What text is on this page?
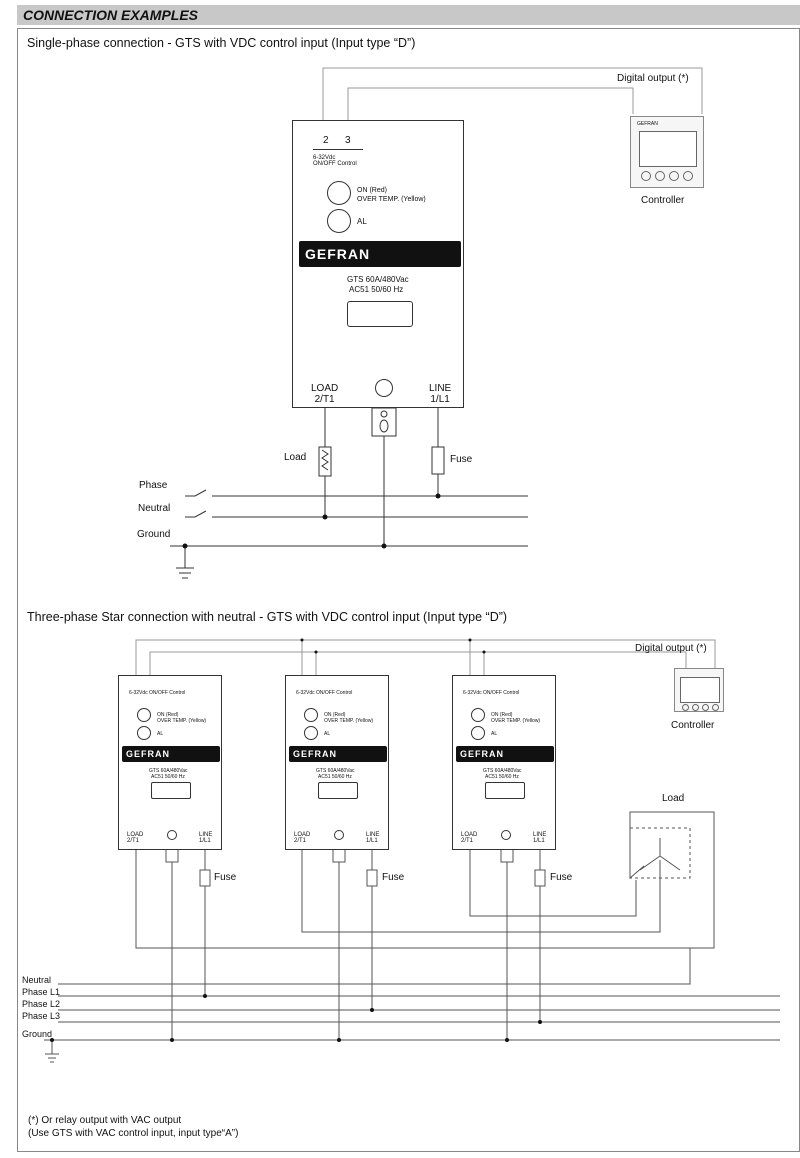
CONNECTION EXAMPLES
Single-phase connection - GTS with VDC control input (Input type “D”)
2 3
6-32Vdc
ON/OFF Control
ON (Red)
OVER TEMP. (Yellow)
AL
GEFRAN
GTS 60A/480Vac
AC51 50/60 Hz
LOAD
2/T1
LINE
1/L1
GEFRAN
Controller
Digital output (*)
Load	Fuse
Phase
Neutral
Ground
Three-phase Star connection with neutral - GTS with VDC control input (Input type “D”)
6-32Vdc ON/OFF Control
ON (Red)
OVER TEMP. (Yellow)
AL
GEFRAN
GTS 60A/480Vac
AC51 50/60 Hz
LOAD
2/T1
LINE
1/L1
6-32Vdc ON/OFF Control
ON (Red)
OVER TEMP. (Yellow)
AL
GEFRAN
GTS 60A/480Vac
AC51 50/60 Hz
LOAD
2/T1
LINE
1/L1
6-32Vdc ON/OFF Control
ON (Red)
OVER TEMP. (Yellow)
AL
GEFRAN
GTS 60A/480Vac
AC51 50/60 Hz
LOAD
2/T1
LINE
1/L1
Controller
Digital output (*)
Load
Fuse	Fuse	Fuse
Neutral
Phase L1
Phase L2
Phase L3
Ground
(*) Or relay output with VAC output
(Use GTS with VAC control input, input type“A”)
